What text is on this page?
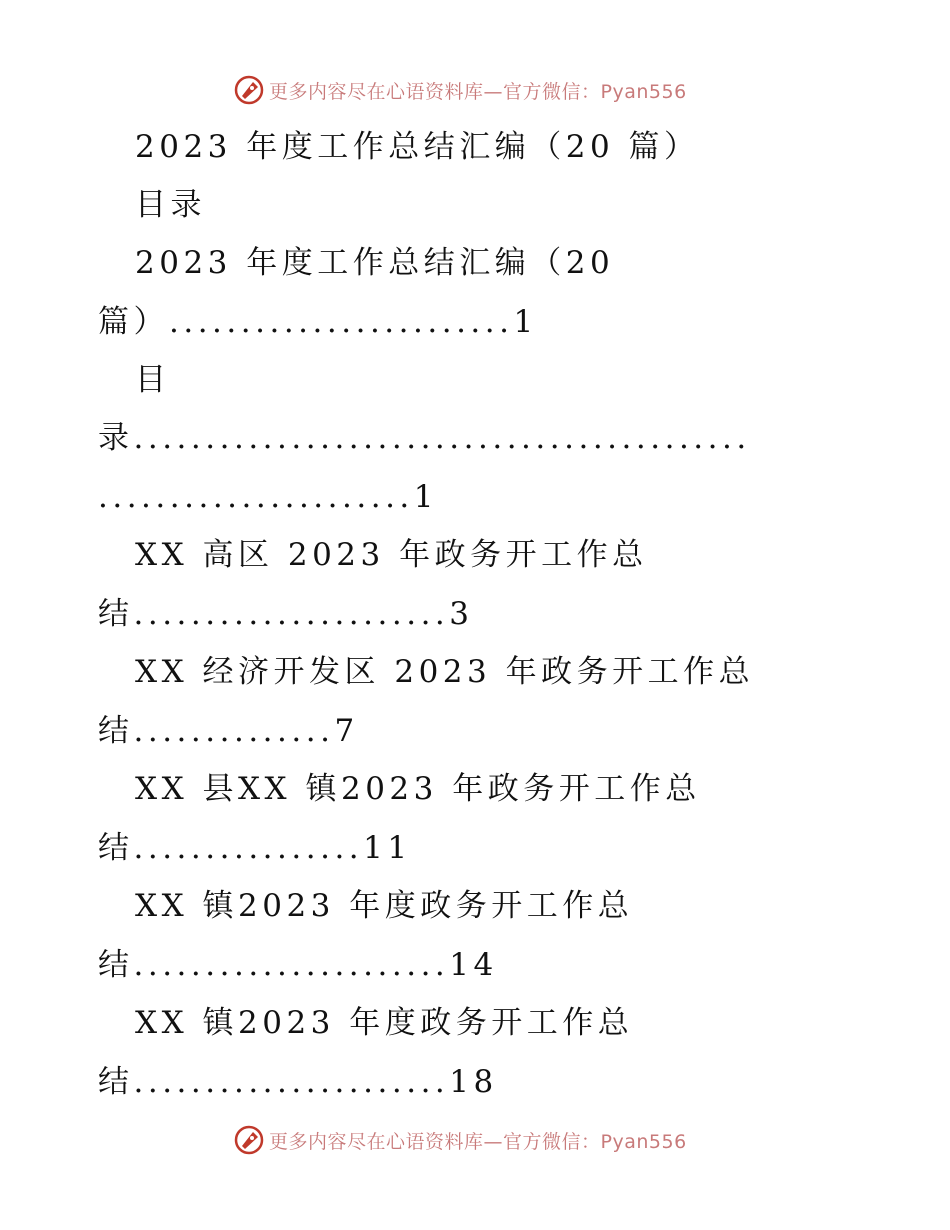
更多内容尽在心语资料库—官方微信：Pyan556
2023 年度工作总结汇编（20 篇）
目录
2023 年度工作总结汇编（20
篇）........................1
目
录...........................................
......................1
XX 高区 2023 年政务开工作总
结......................3
XX 经济开发区 2023 年政务开工作总
结..............7
XX 县XX 镇2023 年政务开工作总
结................11
XX 镇2023 年度政务开工作总
结......................14
XX 镇2023 年度政务开工作总
结......................18
更多内容尽在心语资料库—官方微信：Pyan556
